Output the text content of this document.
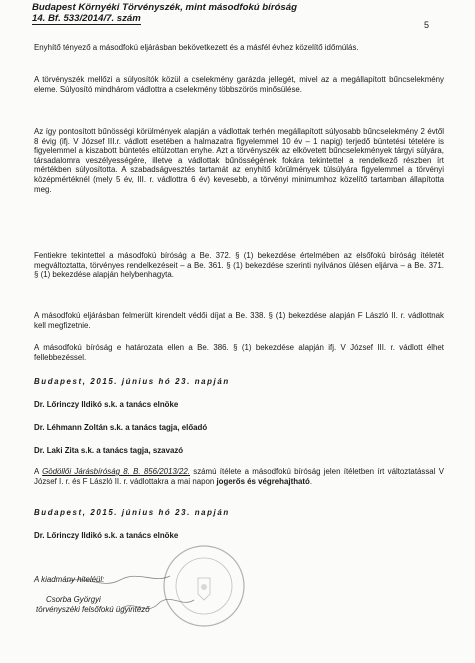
Budapest Környéki Törvényszék, mint másodfokú bíróság
14. Bf. 533/2014/7. szám
5
Enyhítő tényező a másodfokú eljárásban bekövetkezett és a másfél évhez közelítő időmúlás.
A törvényszék mellőzi a súlyosítók közül a cselekmény garázda jellegét, mivel az a megállapított bűncselekmény eleme. Súlyosító mindhárom vádlottra a cselekmény többszörös minősülése.
Az így pontosított bűnösségi körülmények alapján a vádlottak terhén megállapított súlyosabb bűncselekmény 2 évtől 8 évig (ifj. V József III.r. vádlott esetében a halmazatra figyelemmel 10 év – 1 napig) terjedő büntetési tételére is figyelemmel a kiszabott büntetés eltúlzottan enyhe. Azt a törvényszék az elkövetett bűncselekmények tárgyi súlyára, társadalomra veszélyességére, illetve a vádlottak bűnösségének fokára tekintettel a rendelkező részben írt mértékben súlyosította. A szabadságvesztés tartamát az enyhítő körülmények túlsúlyára figyelemmel a törvényi középmértéknél (mely 5 év, III. r. vádlottra 6 év) kevesebb, a törvényi minimumhoz közelítő tartamban állapította meg.
Fentiekre tekintettel a másodfokú bíróság a Be. 372. § (1) bekezdése értelmében az elsőfokú bíróság ítéletét megváltoztatta, törvényes rendelkezéseit – a Be. 361. § (1) bekezdése szerinti nyilvános ülésen eljárva – a Be. 371. § (1) bekezdése alapján helybenhagyta.
A másodfokú eljárásban felmerült kirendelt védői díjat a Be. 338. § (1) bekezdése alapján F László II. r. vádlottnak kell megfizetnie.
A másodfokú bíróság e határozata ellen a Be. 386. § (1) bekezdése alapján ifj. V József III. r. vádlott élhet fellebbezéssel.
Budapest, 2015. június hó 23. napján
Dr. Lőrinczy Ildikó s.k. a tanács elnöke
Dr. Léhmann Zoltán s.k. a tanács tagja, előadó
Dr. Laki Zita s.k. a tanács tagja, szavazó
A Gödöllői Járásbíróság 8. B. 856/2013/22. számú ítélete a másodfokú bíróság jelen ítéletben írt változtatással V József I. r. és F László II. r. vádlottakra a mai napon jogerős és végrehajtható.
Budapest, 2015. június hó 23. napján
Dr. Lőrinczy Ildikó s.k. a tanács elnöke
A kiadmány hiteléül:
Csorba Györgyi
törvényszéki felsőfokú ügyintéző
